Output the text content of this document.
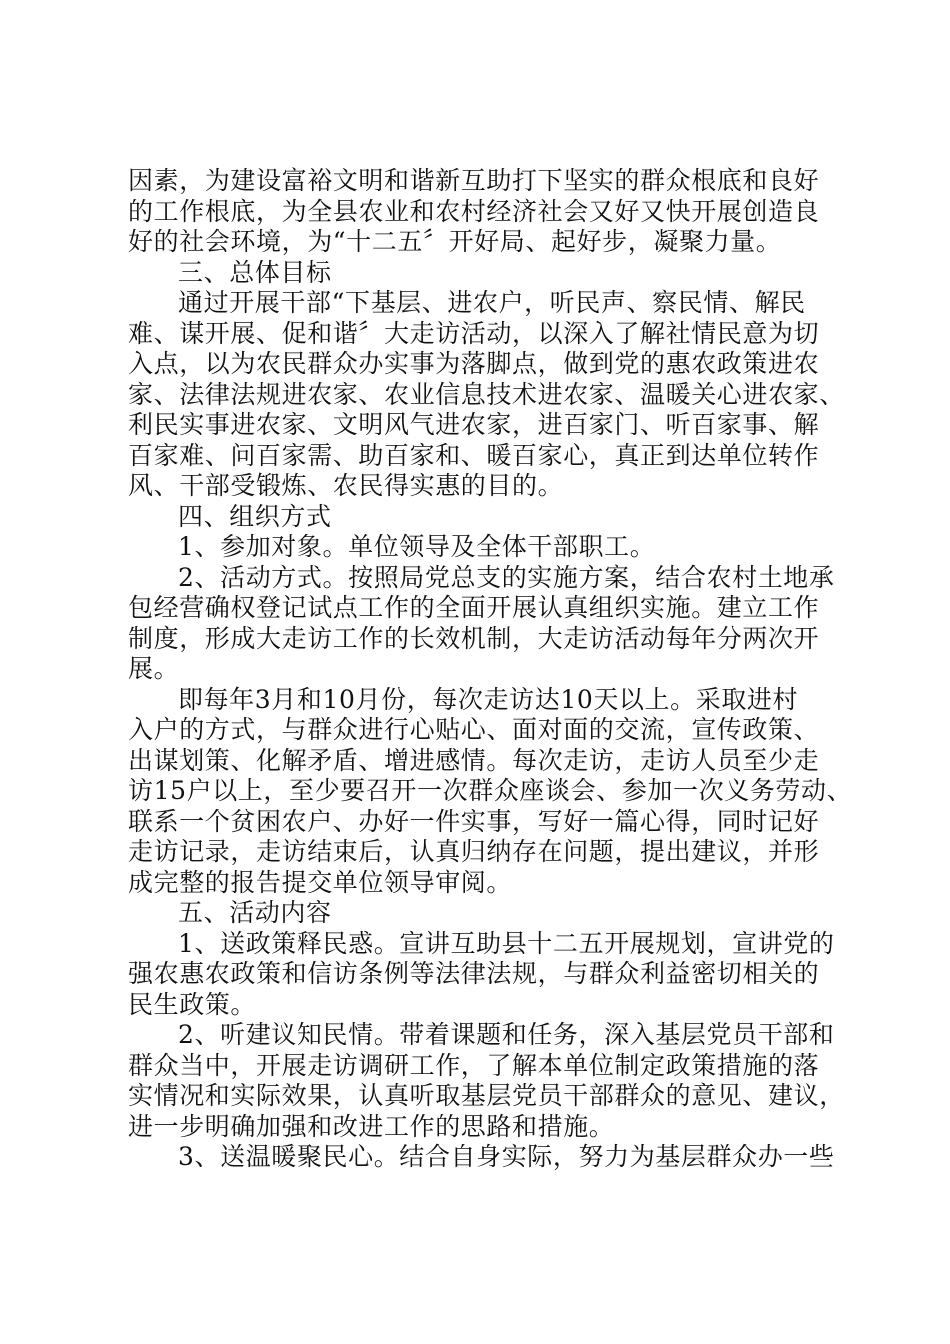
因素，为建设富裕文明和谐新互助打下坚实的群众根底和良好
的工作根底，为全县农业和农村经济社会又好又快开展创造良
好的社会环境，为“十二五〞开好局、起好步，凝聚力量。
三、总体目标
通过开展干部“下基层、进农户，听民声、察民情、解民
难、谋开展、促和谐〞大走访活动，以深入了解社情民意为切
入点，以为农民群众办实事为落脚点，做到党的惠农政策进农
家、法律法规进农家、农业信息技术进农家、温暖关心进农家、
利民实事进农家、文明风气进农家，进百家门、听百家事、解
百家难、问百家需、助百家和、暖百家心，真正到达单位转作
风、干部受锻炼、农民得实惠的目的。
四、组织方式
1、参加对象。单位领导及全体干部职工。
2、活动方式。按照局党总支的实施方案，结合农村土地承
包经营确权登记试点工作的全面开展认真组织实施。建立工作
制度，形成大走访工作的长效机制，大走访活动每年分两次开
展。
即每年3月和10月份，每次走访达10天以上。采取进村
入户的方式，与群众进行心贴心、面对面的交流，宣传政策、
出谋划策、化解矛盾、增进感情。每次走访，走访人员至少走
访15户以上，至少要召开一次群众座谈会、参加一次义务劳动、
联系一个贫困农户、办好一件实事，写好一篇心得，同时记好
走访记录，走访结束后，认真归纳存在问题，提出建议，并形
成完整的报告提交单位领导审阅。
五、活动内容
1、送政策释民惑。宣讲互助县十二五开展规划，宣讲党的
强农惠农政策和信访条例等法律法规，与群众利益密切相关的
民生政策。
2、听建议知民情。带着课题和任务，深入基层党员干部和
群众当中，开展走访调研工作，了解本单位制定政策措施的落
实情况和实际效果，认真听取基层党员干部群众的意见、建议，
进一步明确加强和改进工作的思路和措施。
3、送温暖聚民心。结合自身实际，努力为基层群众办一些
